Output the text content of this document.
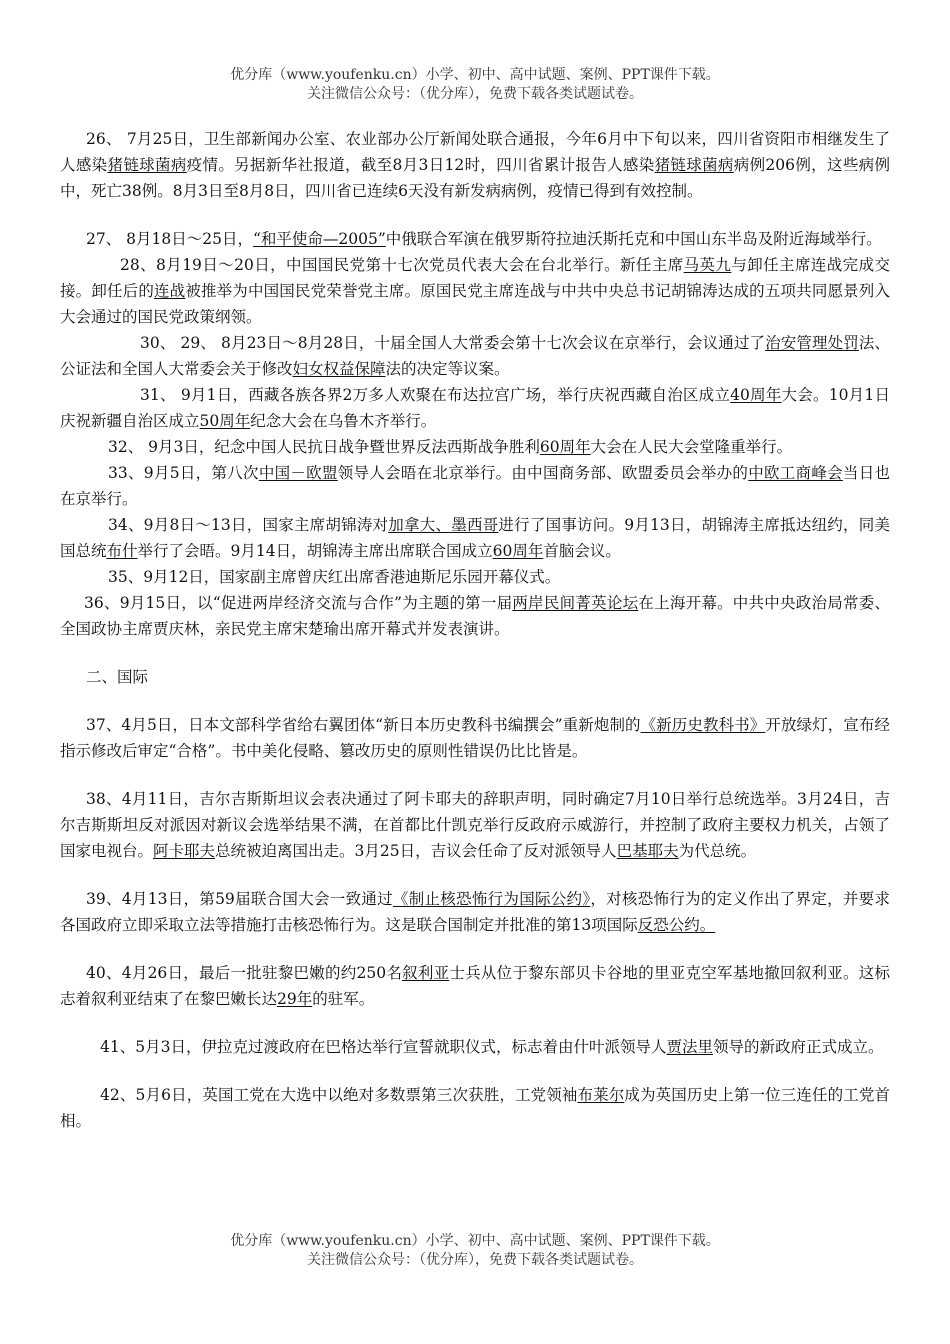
优分库（www.youfenku.cn）小学、初中、高中试题、案例、PPT课件下载。
关注微信公众号：（优分库），免费下载各类试题试卷。

26、 7月25日，卫生部新闻办公室、农业部办公厅新闻处联合通报，今年6月中下旬以来，四川省资阳市相继发生了人感染猪链球菌病疫情。另据新华社报道，截至8月3日12时，四川省累计报告人感染猪链球菌病病例206例，这些病例中，死亡38例。8月3日至8月8日，四川省已连续6天没有新发病病例，疫情已得到有效控制。

27、 8月18日～25日，“和平使命—2005”中俄联合军演在俄罗斯符拉迪沃斯托克和中国山东半岛及附近海域举行。

28、8月19日～20日，中国国民党第十七次党员代表大会在台北举行。新任主席马英九与卸任主席连战完成交接。卸任后的连战被推举为中国国民党荣誉党主席。原国民党主席连战与中共中央总书记胡锦涛达成的五项共同愿景列入大会通过的国民党政策纲领。

30、 29、 8月23日～8月28日，十届全国人大常委会第十七次会议在京举行，会议通过了治安管理处罚法、公证法和全国人大常委会关于修改妇女权益保障法的决定等议案。

31、 9月1日，西藏各族各界2万多人欢聚在布达拉宫广场，举行庆祝西藏自治区成立40周年大会。10月1日庆祝新疆自治区成立50周年纪念大会在乌鲁木齐举行。

32、 9月3日，纪念中国人民抗日战争暨世界反法西斯战争胜利60周年大会在人民大会堂隆重举行。

33、9月5日，第八次中国－欧盟领导人会晤在北京举行。由中国商务部、欧盟委员会举办的中欧工商峰会当日也在京举行。

34、9月8日～13日，国家主席胡锦涛对加拿大、墨西哥进行了国事访问。9月13日，胡锦涛主席抵达纽约，同美国总统布什举行了会晤。9月14日，胡锦涛主席出席联合国成立60周年首脑会议。

35、9月12日，国家副主席曾庆红出席香港迪斯尼乐园开幕仪式。

36、9月15日，以“促进两岸经济交流与合作”为主题的第一届两岸民间菁英论坛在上海开幕。中共中央政治局常委、全国政协主席贾庆林，亲民党主席宋楚瑜出席开幕式并发表演讲。

二、国际

37、4月5日，日本文部科学省给右翼团体“新日本历史教科书编撰会”重新炮制的《新历史教科书》开放绿灯，宣布经指示修改后审定“合格”。书中美化侵略、篡改历史的原则性错误仍比比皆是。

38、4月11日，吉尔吉斯斯坦议会表决通过了阿卡耶夫的辞职声明，同时确定7月10日举行总统选举。3月24日，吉尔吉斯斯坦反对派因对新议会选举结果不满，在首都比什凯克举行反政府示威游行，并控制了政府主要权力机关，占领了国家电视台。阿卡耶夫总统被迫离国出走。3月25日，吉议会任命了反对派领导人巴基耶夫为代总统。

39、4月13日，第59届联合国大会一致通过《制止核恐怖行为国际公约》，对核恐怖行为的定义作出了界定，并要求各国政府立即采取立法等措施打击核恐怖行为。这是联合国制定并批准的第13项国际反恐公约。

40、4月26日，最后一批驻黎巴嫩的约250名叙利亚士兵从位于黎东部贝卡谷地的里亚克空军基地撤回叙利亚。这标志着叙利亚结束了在黎巴嫩长达29年的驻军。

41、5月3日，伊拉克过渡政府在巴格达举行宣誓就职仪式，标志着由什叶派领导人贾法里领导的新政府正式成立。

42、5月6日，英国工党在大选中以绝对多数票第三次获胜，工党领袖布莱尔成为英国历史上第一位三连任的工党首相。

优分库（www.youfenku.cn）小学、初中、高中试题、案例、PPT课件下载。
关注微信公众号：（优分库），免费下载各类试题试卷。
